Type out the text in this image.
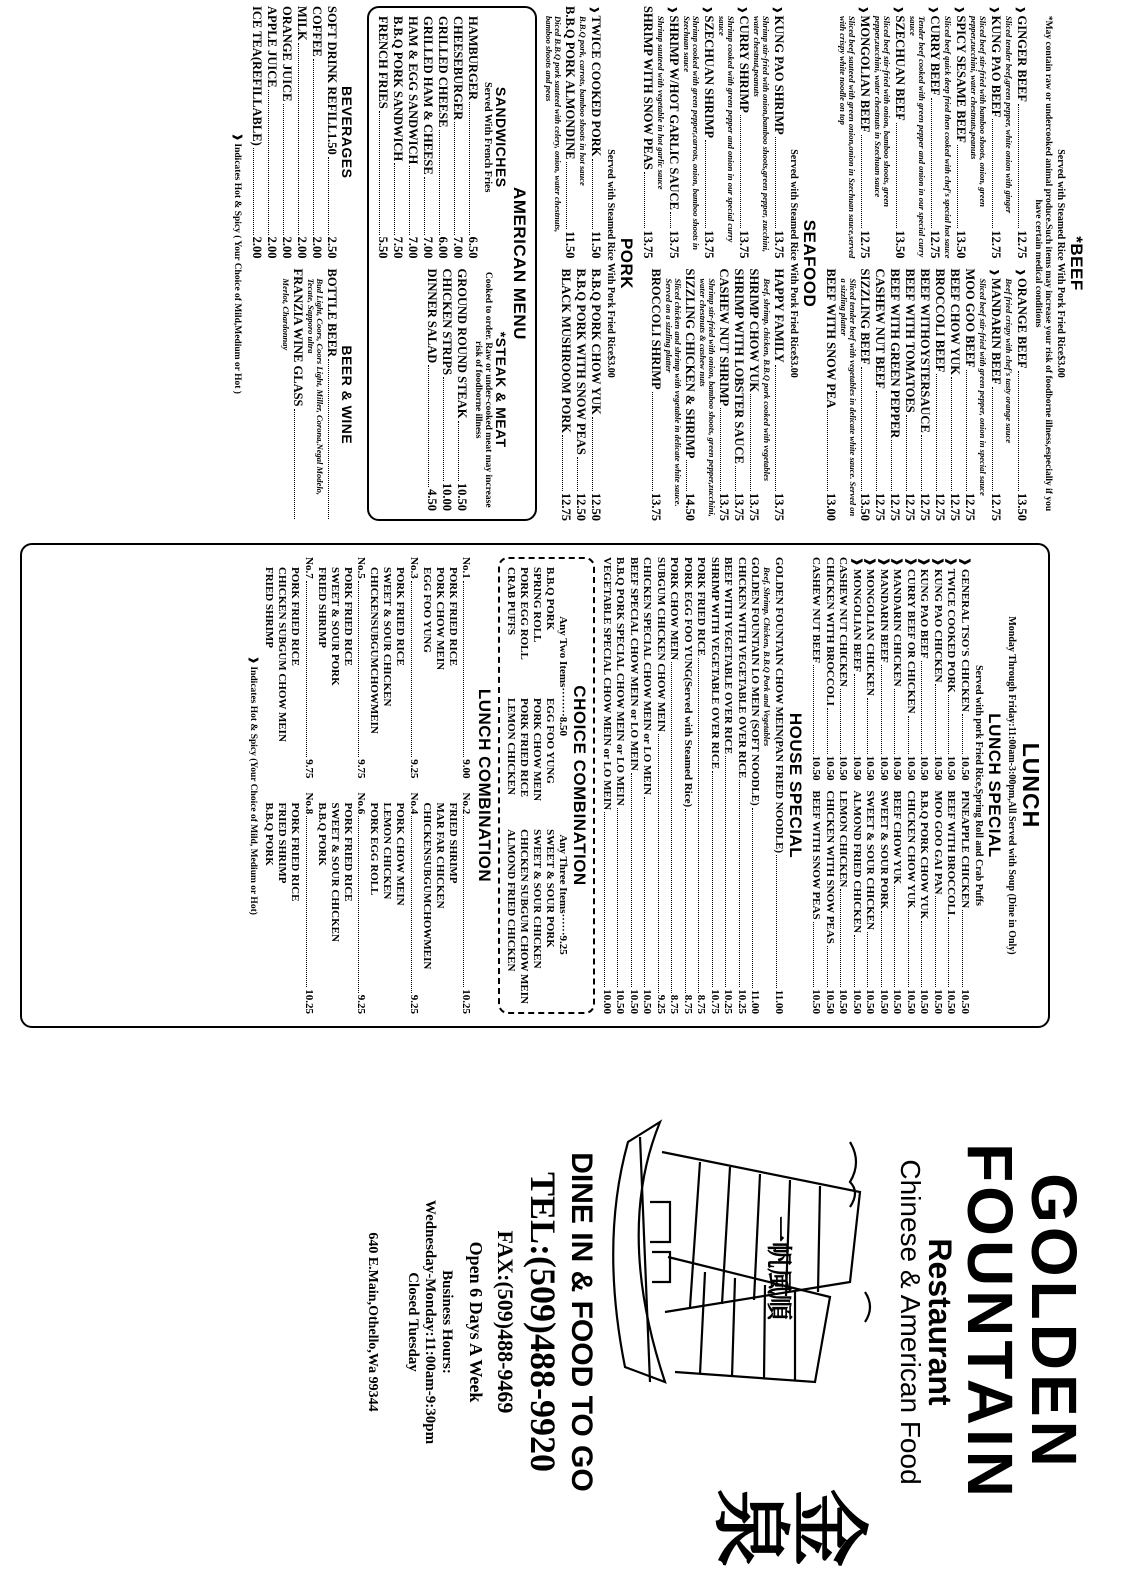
*BEEF
Served with Steamed Rice With Pork Fried Rice$3.00
*May contain raw or undercooked animal produce.Such items may increase your risk of foodborne illness,especially if you have certain medical conditions
❱
GINGER BEEF
12.75
Sliced tender beef,green pepper, white onion with ginger
❱
KUNG PAO BEEF
12.75
Sliced beef stir-fried with bamboo shoots, onion, green pepper,zucchini, water chestnuts,peanuts
❱
SPICY SESAME BEEF
13.50
Sliced beef quick deep fried then cooked with chef's special hot sauce
❱
CURRY BEEF
12.75
Tender beef cooked with green pepper and onion in our special curry sauce
❱
SZECHUAN BEEF
13.50
Sliced beef stir-fried with onion, bamboo shoots, green pepper,zucchini, water chestnuts in Szechuan sauce
❱
MONGOLIAN BEEF
12.75
Sliced beef sauteed with green onion,onion in Szechuan sauce,served with crispy white noodle on top
❱
ORANGE BEEF
13.50
Beef fried crispy with chef's tasty orange sauce
❱
MANDARIN BEEF
12.75
Sliced beef stir-fried with green pepper, onion in special sauce
MOO GOO BEEF
12.75
BEEF CHOW YUK
12.75
BROCCOLI BEEF
12.75
BEEF WITHOYSTERSAUCE
12.75
BEEF WITH TOMATOES
12.75
BEEF WITH GREEN PEPPER
12.75
CASHEW NUT BEEF
12.75
SIZZLING BEEF
13.50
Sliced tender beef with vegetables in delicate white sauce. Served on a sizzling platter
BEEF WITH SNOW PEA
13.00
SEAFOOD
Served with Steamed Rice With Pork Fried Rice$3.00
❱
KUNG PAO SHRIMP
13.75
Shrimp stir-fried with onion,bamboo shoots,green pepper, zucchini, water chestnut,peanuts
❱
CURRY SHRIMP
13.75
Shrimp cooked with green pepper and onion in our special curry sauce
❱
SZECHUAN SHRIMP
13.75
Shrimp cooked with green pepper,carrots, onion, bamboo shoots in Szechuan sauce
❱
SHRIMP W/HOT GARLIC SAUCE
13.75
Shrimp sauteed with vegetable in hot garlic sauce
SHRIMP WITH SNOW PEAS
13.75
HAPPY FAMILY
13.75
Beef, shrimp, chicken, B.B.Q pork cooked with vegetables
SHRIMP CHOW YUK
13.75
SHRIMP WITH LOBSTER SAUCE
13.75
CASHEW NUT SHRIMP
13.75
Shrimp stir-fried with onion, bamboo shoots, green pepper,zucchini, water chestnuts & cashew nuts
SIZZLING CHICKEN & SHRIMP
14.50
Sliced chicken and shrimp with vegetable in delicate white sauce. Served on a sizzling platter
BROCCOLI SHRIMP
13.75
PORK
Served with Steamed Rice With Pork Fried Rice$3.00
❱
TWICE COOKED PORK
11.50
B.B.Q pork, carrots, bamboo shoots in hot sauce
B.B.Q PORK ALMONDINE
11.50
Diced B.B.Q pork sauteed with celery, onion, water chestnuts, bamboo shoots and peas
B.B.Q PORK CHOW YUK
12.50
B.B.Q PORK WITH SNOW PEAS
12.50
BLACK MUSHROOM PORK
12.75
AMERICAN MENU
SANDWICHES
Served With French Fries
HAMBURGER
6.50
CHEESEBURGER
7.00
GRILLED CHEESE
6.00
GRILLED HAM & CHEESE
7.00
HAM & EGG SANDWICH
7.00
B.B.Q PORK SANDWICH
7.50
FRENCH FRIES
5.50
*STEAK & MEAT
Cooked to order. Raw or under-cooked meat may increase risk of foodborne illness
GROUND ROUND STEAK
10.50
CHICKEN STRIPS
10.00
DINNER SALAD
4.50
BEVERAGES
SOFT DRINK REFILL1.50
2.50
COFFEE
2.00
MILK
2.00
ORANGE JUICE
2.00
APPLE JUICE
2.00
ICE TEA(REFILLABLE)
2.00
BEER & WINE
BOTTLE BEER
Bud Light, Coors, Coors Light, Miller, Corona,Negal Modelo, Tecate, Sapporo ultra
FRANZIA WINE GLASS
Merlot, Chardonnay
❱ Indicates Hot & Spicy ( Your Choice of Mild,Medium or Hot )
LUNCH
Monday Through Friday:11:00am-3:00pm,All Served with Soup (Dine in Only)
LUNCH SPECIAL
Served with pork Fried Rice,Spring Roll and Crab Puffs
❱ GENERAL TSO'S CHICKEN
10.50
❱ TWICE COOKED PORK
10.50
❱ KUNG PAO CHICKEN
10.50
❱ KUNG PAO BEEF
10.50
❱ CURRY BEEF OR CHICKEN
10.50
❱ MANDARIN CHICKEN
10.50
❱ MANDARIN BEEF
10.50
❱ MONGOLIAN CHICKEN
10.50
❱ MONGOLIAN BEEF
10.50
CASHEW NUT CHICKEN
10.50
CHICKEN WITH BROCCOLI
10.50
CASHEW NUT BEEF
10.50
PINEAPPLE CHICKEN
10.50
BEEF WITH BROCCOLI
10.50
MOO GOO GAI PAN
10.50
B.B.Q PORK CHOW YUK
10.50
CHICKEN CHOW YUK
10.50
BEEF CHOW YUK
10.50
SWEET & SOUR PORK
10.50
SWEET & SOUR CHICKEN
10.50
ALMOND FRIED CHICKEN
10.50
LEMON CHICKEN
10.50
CHICKEN WITH SNOW PEAS
10.50
BEEF WITH SNOW PEAS
10.50
HOUSE SPECIAL
GOLDEN FOUNTAIN CHOW MEIN(PAN FRIED NOODLE)
11.00
Beef, Shrimp, Chicken, B.B.Q Pork and Vegetables
GOLDEN FOUNTAIN LO MEIN (SOFT NOODLE)
11.00
CHICKEN WITH VEGETABLE OVER RICE
10.25
BEEF WITH VEGETABLE OVER RICE
10.25
SHRIMP WITH VEGETABLE OVER RICE
10.75
PORK FRIED RICE
8.75
PORK EGG FOO YUNG(Served with Steamed Rice)
8.75
PORK CHOW MEIN
8.75
SUBGUM CHICKEN CHOW MEIN
9.25
CHICKEN SPECIAL CHOW MEIN or LO MEIN
10.50
BEEF SPECIAL CHOW MEIN or LO MEIN
10.50
B.B.Q PORK SPECIAL CHOW MEIN or LO MEIN
10.50
VEGETABLE SPECIAL CHOW MEIN or LO MEIN
10.00
CHOICE COMBINATION
Any Two Items········8.50
Any Three Items······9.25
B.B.Q PORK
SPRING ROLL
PORK EGG ROLL
CRAB PUFFS
EGG FOO YUNG
PORK CHOW MEIN
PORK FRIED RICE
LEMON CHICKEN
SWEET & SOUR PORK
SWEET & SOUR CHICKEN
CHICKEN SUBGUM CHOW MEIN
ALMOND FRIED CHICKEN
LUNCH COMBINATION
No.1
9.00
PORK FRIED RICE
PORK CHOW MEIN
EGG FOO YUNG
No.2
10.25
FRIED SHRIMP
MAR FAR CHICKEN
CHICKENSUBGUMCHOWMEIN
No.3
9.25
PORK FRIED RICE
SWEET & SOUR CHICKEN
CHICKENSUBGUMCHOWMEIN
No.4
9.25
PORK CHOW MEIN
LEMON CHICKEN
PORK EGG ROLL
No.5
9.75
PORK FRIED RICE
SWEET & SOUR PORK
FRIED SHRIMP
No.6
9.25
PORK FRIED RICE
SWEET & SOUR CHICKEN
B.B.Q PORK
No.7
9.75
PORK FRIED RICE
CHICKEN SUBGUM CHOW MEIN
FRIED SHRIMP
No.8
10.25
PORK FRIED RICE
FRIED SHRIMP
B.B.Q PORK
❱ Indicates Hot & Spicy (Your Choice of Mild, Medium or Hot)
GOLDEN
FOUNTAIN
Restaurant
Chinese & American Food
一帆風順
金泉
DINE IN & FOOD TO GO
TEL:(509)488-9920
FAX:(509)488-9469
Open 6 Days A Week
Business Hours:
Wednesday-Monday:11:00am-9:30pm
Closed Tuesday
640 E.Main,Othello,Wa 99344
